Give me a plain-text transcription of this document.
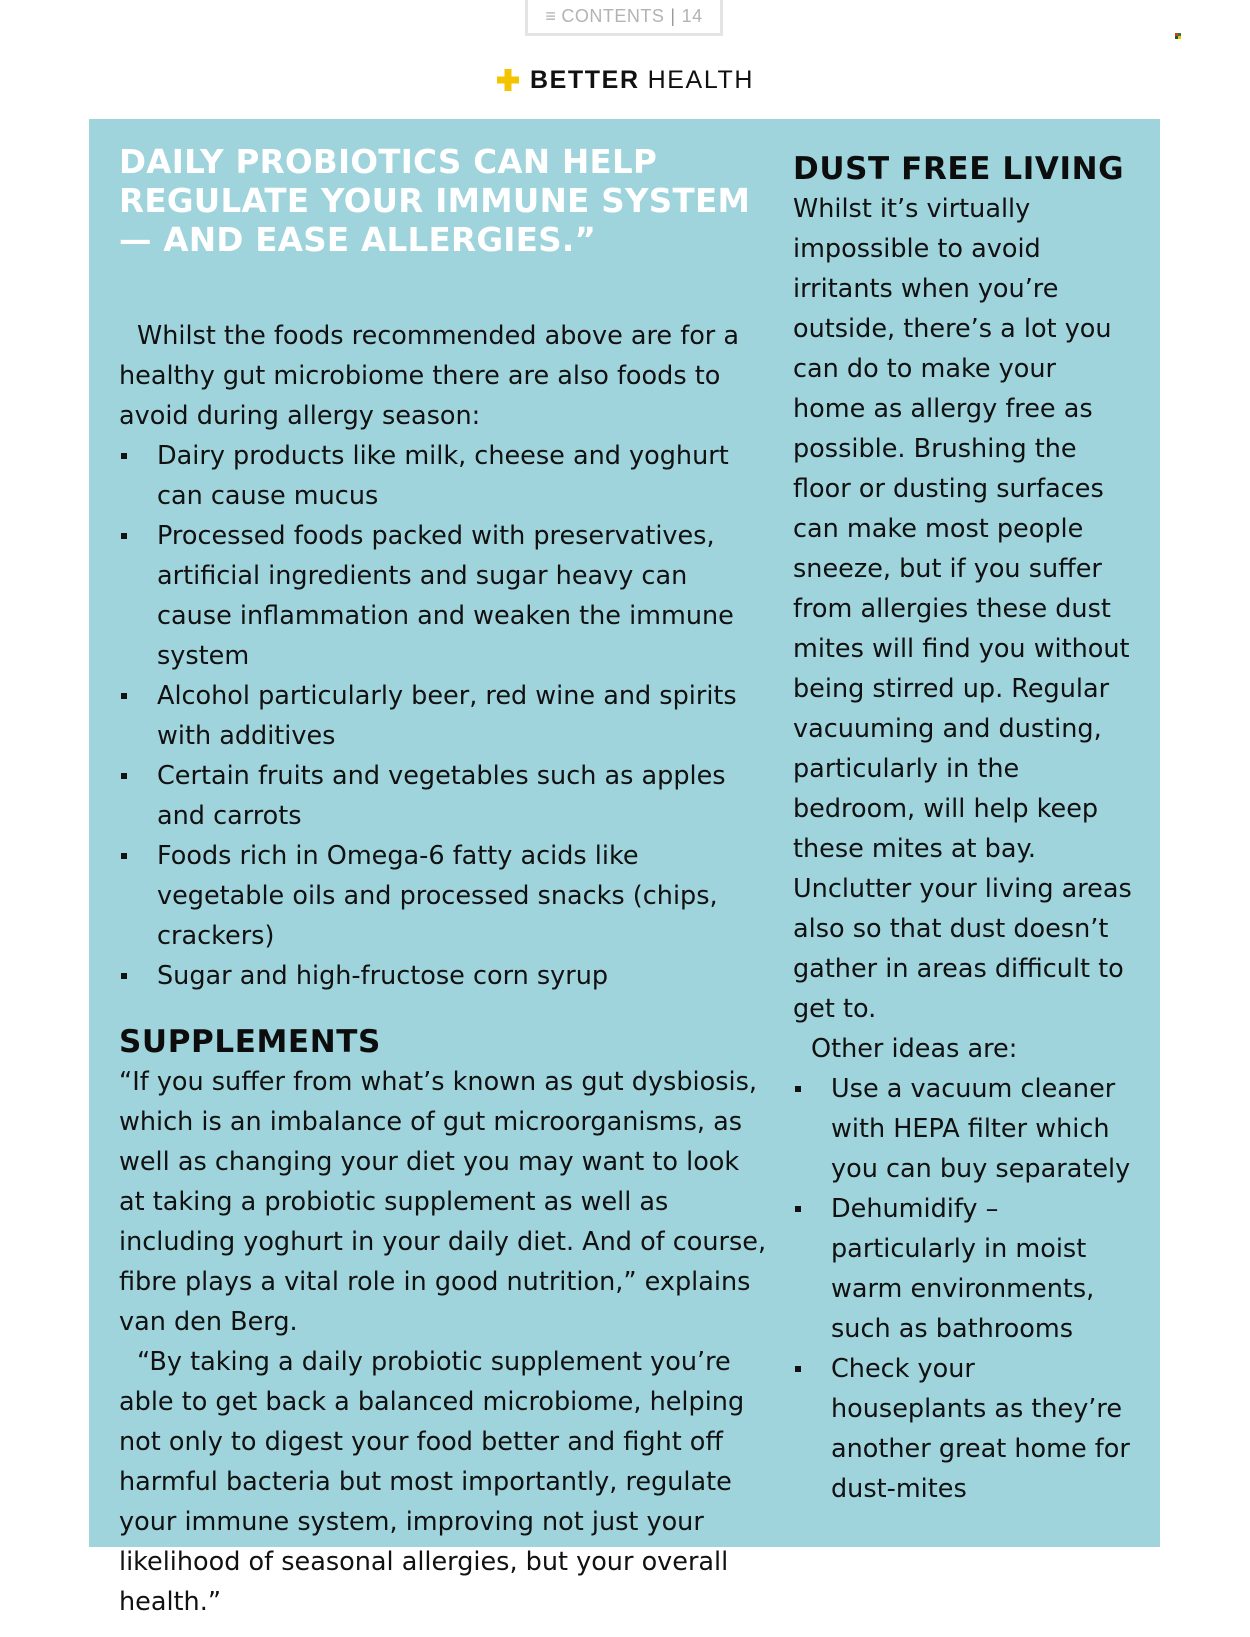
≡ CONTENTS | 14
BETTER HEALTH
DAILY PROBIOTICS CAN HELP REGULATE YOUR IMMUNE SYSTEM — AND EASE ALLERGIES.”

Whilst the foods recommended above are for a healthy gut microbiome there are also foods to avoid during allergy season:

Dairy products like milk, cheese and yoghurt can cause mucus
Processed foods packed with preservatives, artificial ingredients and sugar heavy can cause inflammation and weaken the immune system
Alcohol particularly beer, red wine and spirits with additives
Certain fruits and vegetables such as apples and carrots
Foods rich in Omega-6 fatty acids like vegetable oils and processed snacks (chips, crackers)
Sugar and high-fructose corn syrup
SUPPLEMENTS

“If you suffer from what’s known as gut dysbiosis, which is an imbalance of gut microorganisms, as well as changing your diet you may want to look at taking a probiotic supplement as well as including yoghurt in your daily diet. And of course, fibre plays a vital role in good nutrition,” explains van den Berg.

“By taking a daily probiotic supplement you’re able to get back a balanced microbiome, helping not only to digest your food better and fight off harmful bacteria but most importantly, regulate your immune system, improving not just your likelihood of seasonal allergies, but your overall health.”

DUST FREE LIVING

Whilst it’s virtually impossible to avoid irritants when you’re outside, there’s a lot you can do to make your home as allergy free as possible. Brushing the floor or dusting surfaces can make most people sneeze, but if you suffer from allergies these dust mites will find you without being stirred up. Regular vacuuming and dusting, particularly in the bedroom, will help keep these mites at bay. Unclutter your living areas also so that dust doesn’t gather in areas difficult to get to.

Other ideas are:

Use a vacuum cleaner with HEPA filter which you can buy separately
Dehumidify – particularly in moist warm environments, such as bathrooms
Check your houseplants as they’re another great home for dust-mites
